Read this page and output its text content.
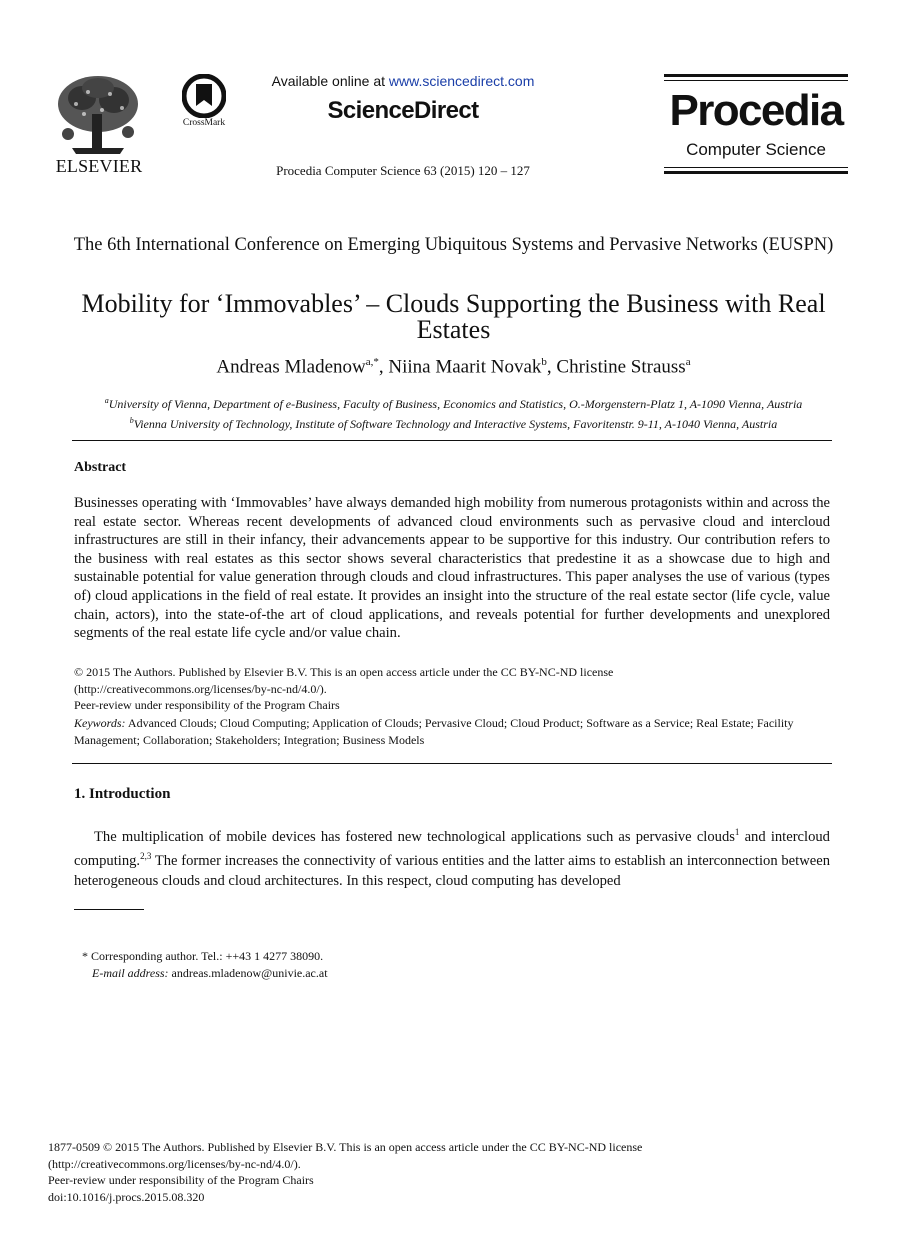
ELSEVIER
CrossMark
Available online at www.sciencedirect.com
ScienceDirect
Procedia Computer Science 63 (2015) 120 – 127
Procedia
Computer Science
The 6th International Conference on Emerging Ubiquitous Systems and Pervasive Networks (EUSPN)
Mobility for ‘Immovables’ – Clouds Supporting the Business with Real Estates
Andreas Mladenow$^{a,*}$, Niina Maarit Novak$^b$, Christine Strauss$^a$
$^a$University of Vienna, Department of e-Business, Faculty of Business, Economics and Statistics, O.-Morgenstern-Platz 1, A-1090 Vienna, Austria
$^b$Vienna University of Technology, Institute of Software Technology and Interactive Systems, Favoritenstr. 9-11, A-1040 Vienna, Austria
Abstract
Businesses operating with ‘Immovables’ have always demanded high mobility from numerous protagonists within and across the real estate sector. Whereas recent developments of advanced cloud environments such as pervasive cloud and intercloud infrastructures are still in their infancy, their advancements appear to be supportive for this industry. Our contribution refers to the business with real estates as this sector shows several characteristics that predestine it as a showcase due to high and sustainable potential for value generation through clouds and cloud infrastructures. This paper analyses the use of various (types of) cloud applications in the field of real estate. It provides an insight into the structure of the real estate sector (life cycle, value chain, actors), into the state-of-the art of cloud applications, and reveals potential for further developments and unexplored segments of the real estate life cycle and/or value chain.
© 2015 The Authors. Published by Elsevier B.V. This is an open access article under the CC BY-NC-ND license
(http://creativecommons.org/licenses/by-nc-nd/4.0/).
Peer-review under responsibility of the Program Chairs
Keywords: Advanced Clouds; Cloud Computing; Application of Clouds; Pervasive Cloud; Cloud Product; Software as a Service; Real Estate; Facility Management; Collaboration; Stakeholders; Integration; Business Models
1. Introduction
The multiplication of mobile devices has fostered new technological applications such as pervasive clouds$^1$ and intercloud computing.$^{2,3}$ The former increases the connectivity of various entities and the latter aims to establish an interconnection between heterogeneous clouds and cloud architectures. In this respect, cloud computing has developed
* Corresponding author. Tel.: ++43 1 4277 38090.
E-mail address: andreas.mladenow@univie.ac.at
1877-0509 © 2015 The Authors. Published by Elsevier B.V. This is an open access article under the CC BY-NC-ND license
(http://creativecommons.org/licenses/by-nc-nd/4.0/).
Peer-review under responsibility of the Program Chairs
doi:10.1016/j.procs.2015.08.320
